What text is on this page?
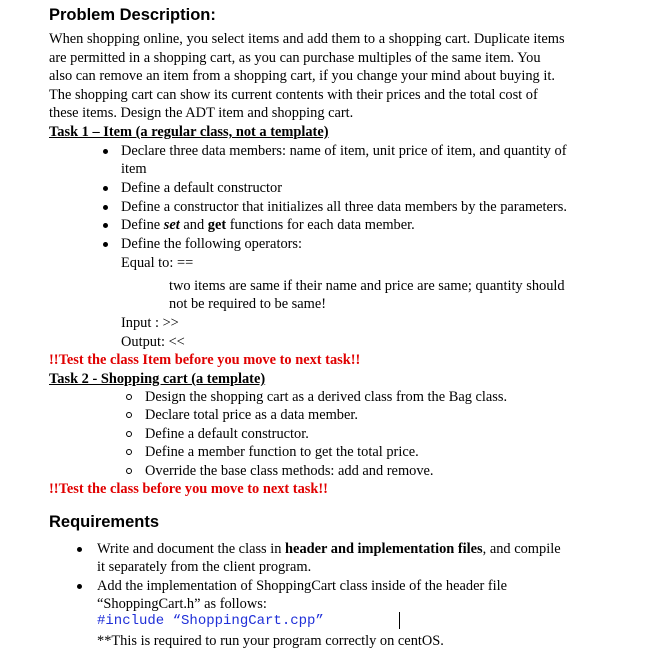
Problem Description:
When shopping online, you select items and add them to a shopping cart. Duplicate items
are permitted in a shopping cart, as you can purchase multiples of the same item. You
also can remove an item from a shopping cart, if you change your mind about buying it.
The shopping cart can show its current contents with their prices and the total cost of
these items. Design the ADT item and shopping cart.
Task 1 – Item (a regular class, not a template)
Declare three data members: name of item, unit price of item, and quantity of
item
Define a default constructor
Define a constructor that initializes all three data members by the parameters.
Define set and get functions for each data member.
Define the following operators:
Equal to: ==
two items are same if their name and price are same; quantity should
not be required to be same!
Input : >>
Output: <<
!!Test the class Item before you move to next task!!
Task 2 - Shopping cart (a template)
Design the shopping cart as a derived class from the Bag class.
Declare total price as a data member.
Define a default constructor.
Define a member function to get the total price.
Override the base class methods: add and remove.
!!Test the class before you move to next task!!
Requirements
Write and document the class in header and implementation files, and compile
it separately from the client program.
Add the implementation of ShoppingCart class inside of the header file
“ShoppingCart.h” as follows:
#include “ShoppingCart.cpp”
**This is required to run your program correctly on centOS.
